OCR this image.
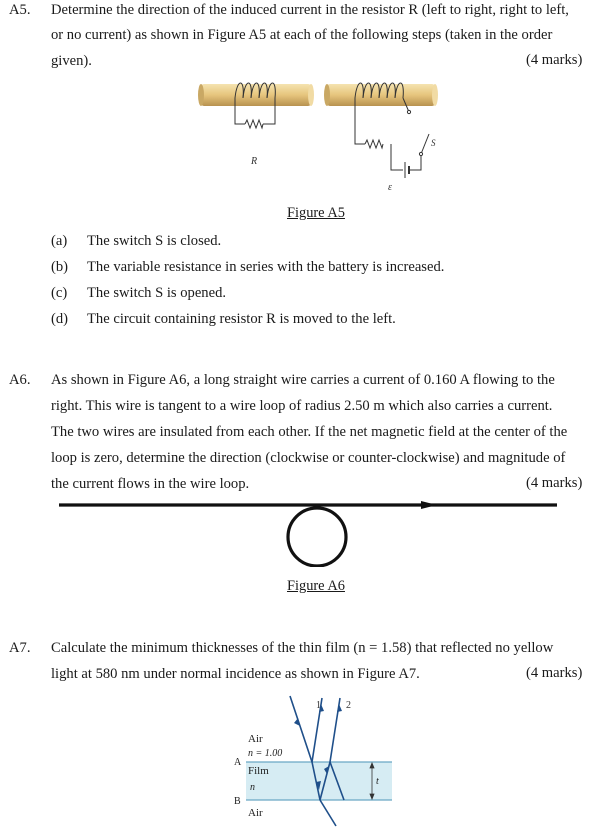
A5. Determine the direction of the induced current in the resistor R (left to right, right to left,
or no current) as shown in Figure A5 at each of the following steps (taken in the order
given).	(4 marks)
R
S
ε
Figure A5
(a) The switch S is closed.
(b) The variable resistance in series with the battery is increased.
(c) The switch S is opened.
(d) The circuit containing resistor R is moved to the left.
A6. As shown in Figure A6, a long straight wire carries a current of 0.160 A flowing to the
right. This wire is tangent to a wire loop of radius 2.50 m which also carries a current.
The two wires are insulated from each other. If the net magnetic field at the center of the
loop is zero, determine the direction (clockwise or counter-clockwise) and magnitude of
the current flows in the wire loop.	(4 marks)
Figure A6
A7. Calculate the minimum thicknesses of the thin film (n = 1.58) that reflected no yellow
light at 580 nm under normal incidence as shown in Figure A7.	(4 marks)
1	2
Air
n = 1.00
A
Film
n
B
Air
t
